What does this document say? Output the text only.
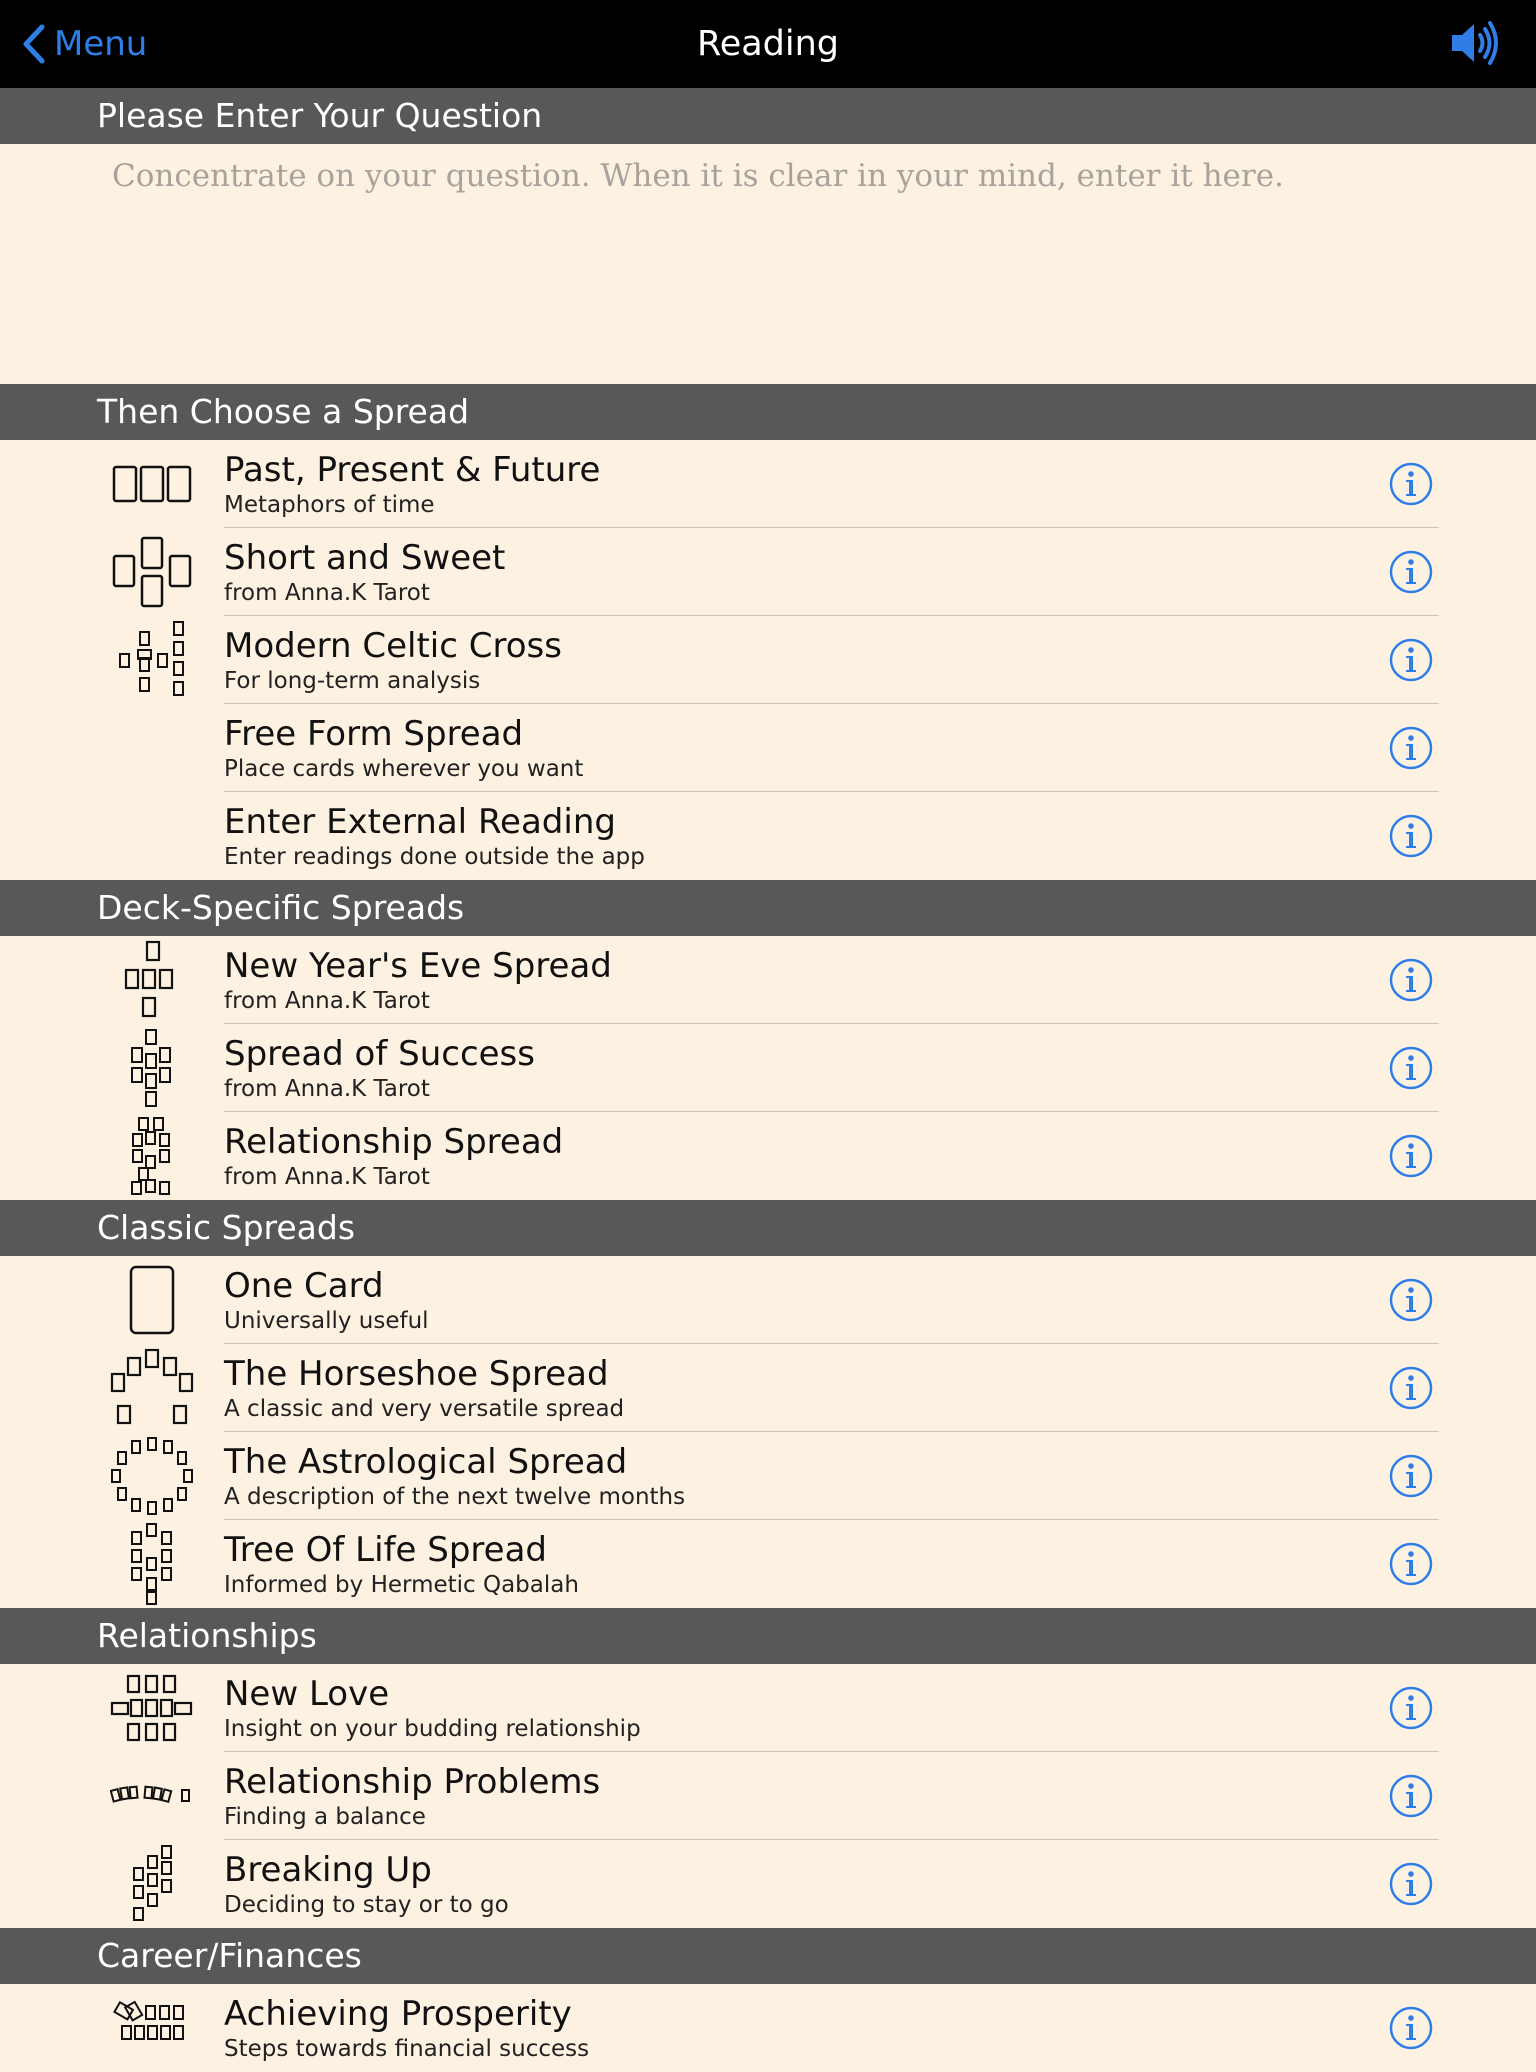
Menu	Reading
Please Enter Your Question
Concentrate on your question. When it is clear in your mind, enter it here.
Then Choose a Spread
Past, Present & Future
Metaphors of time
Short and Sweet
from Anna.K Tarot
Modern Celtic Cross
For long-term analysis
Free Form Spread
Place cards wherever you want
Enter External Reading
Enter readings done outside the app
Deck-Specific Spreads
New Year's Eve Spread
from Anna.K Tarot
Spread of Success
from Anna.K Tarot
Relationship Spread
from Anna.K Tarot
Classic Spreads
One Card
Universally useful
The Horseshoe Spread
A classic and very versatile spread
The Astrological Spread
A description of the next twelve months
Tree Of Life Spread
Informed by Hermetic Qabalah
Relationships
New Love
Insight on your budding relationship
Relationship Problems
Finding a balance
Breaking Up
Deciding to stay or to go
Career/Finances
Achieving Prosperity
Steps towards financial success
